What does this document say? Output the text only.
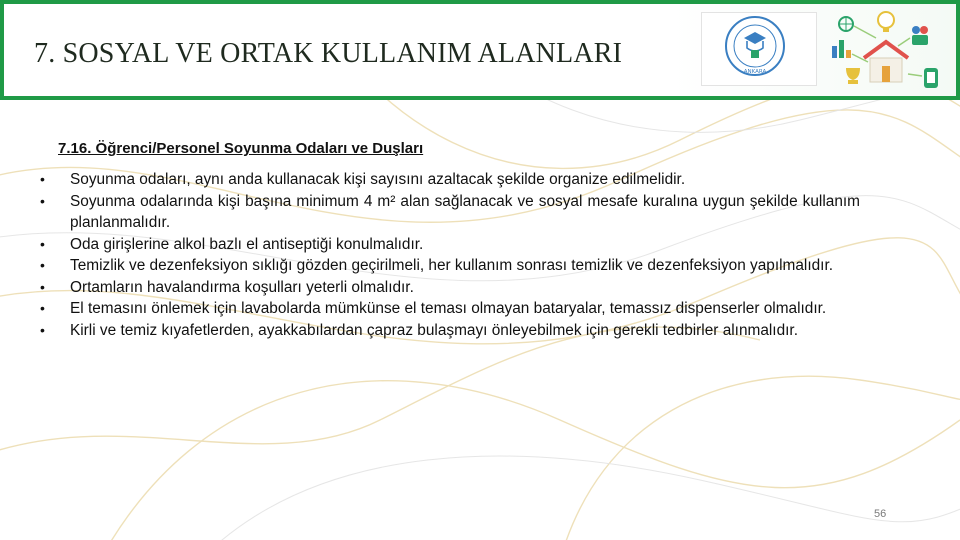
7. SOSYAL VE ORTAK KULLANIM ALANLARI
ANKARA
7.16. Öğrenci/Personel Soyunma Odaları ve Duşları
•	Soyunma odaları, aynı anda kullanacak kişi sayısını azaltacak şekilde organize edilmelidir.
•	Soyunma odalarında kişi başına minimum 4 m² alan sağlanacak ve sosyal mesafe kuralına uygun şekilde kullanım planlanmalıdır.
•	Oda girişlerine alkol bazlı el antiseptiği konulmalıdır.
•	Temizlik ve dezenfeksiyon sıklığı gözden geçirilmeli, her kullanım sonrası temizlik ve dezenfeksiyon yapılmalıdır.
•	Ortamların havalandırma koşulları yeterli olmalıdır.
•	El temasını önlemek için lavabolarda mümkünse el teması olmayan bataryalar, temassız dispenserler olmalıdır.
•	Kirli ve temiz kıyafetlerden, ayakkabılardan çapraz bulaşmayı önleyebilmek için gerekli tedbirler alınmalıdır.
56
